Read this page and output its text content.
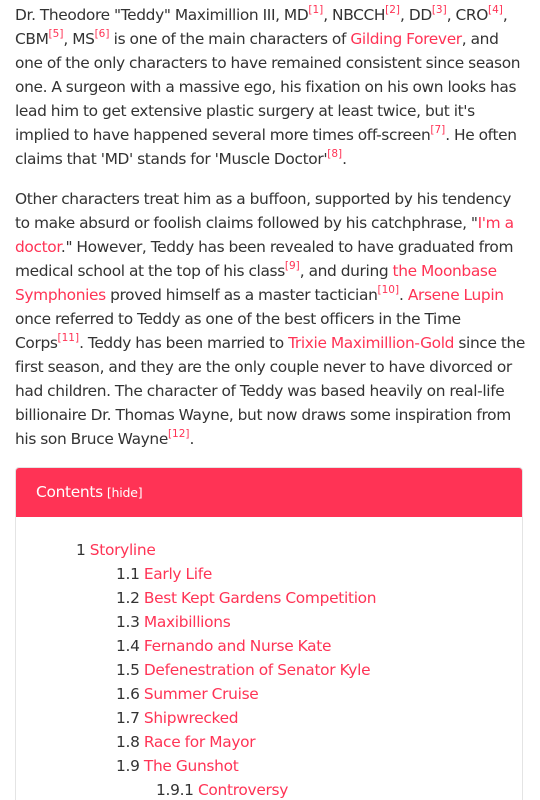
Dr. Theodore "Teddy" Maximillion III, MD[1], NBCCH[2], DD[3], CRO[4], CBM[5], MS[6] is one of the main characters of Gilding Forever, and one of the only characters to have remained consistent since season one. A surgeon with a massive ego, his fixation on his own looks has lead him to get extensive plastic surgery at least twice, but it's implied to have happened several more times off-screen[7]. He often claims that 'MD' stands for 'Muscle Doctor'[8].

Other characters treat him as a buffoon, supported by his tendency to make absurd or foolish claims followed by his catchphrase, "I'm a doctor." However, Teddy has been revealed to have graduated from medical school at the top of his class[9], and during the Moonbase Symphonies proved himself as a master tactician[10]. Arsene Lupin once referred to Teddy as one of the best officers in the Time Corps[11]. Teddy has been married to Trixie Maximillion-Gold since the first season, and they are the only couple never to have divorced or had children. The character of Teddy was based heavily on real-life billionaire Dr. Thomas Wayne, but now draws some inspiration from his son Bruce Wayne[12].

Contents [hide]
1 Storyline
1.1 Early Life
1.2 Best Kept Gardens Competition
1.3 Maxibillions
1.4 Fernando and Nurse Kate
1.5 Defenestration of Senator Kyle
1.6 Summer Cruise
1.7 Shipwrecked
1.8 Race for Mayor
1.9 The Gunshot
1.9.1 Controversy
